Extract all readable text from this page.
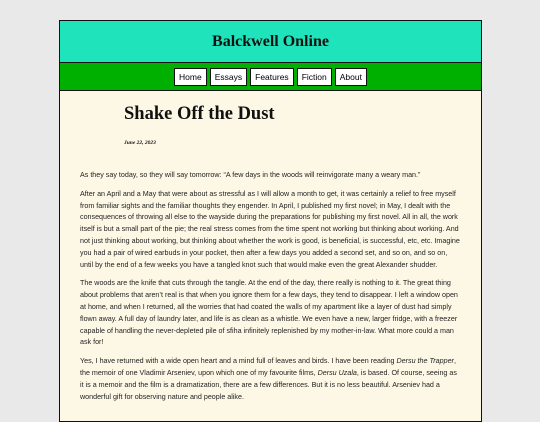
Balckwell Online
Home	Essays	Features	Fiction	About
Shake Off the Dust
June 22, 2023

As they say today, so they will say tomorrow: “A few days in the woods will reinvigorate many a weary man.”

After an April and a May that were about as stressful as I will allow a month to get, it was certainly a relief to free myself from familiar sights and the familiar thoughts they engender. In April, I published my first novel; in May, I dealt with the consequences of throwing all else to the wayside during the preparations for publishing my first novel. All in all, the work itself is but a small part of the pie; the real stress comes from the time spent not working but thinking about working. And not just thinking about working, but thinking about whether the work is good, is beneficial, is successful, etc, etc. Imagine you had a pair of wired earbuds in your pocket, then after a few days you added a second set, and so on, and so on, until by the end of a few weeks you have a tangled knot such that would make even the great Alexander shudder.

The woods are the knife that cuts through the tangle. At the end of the day, there really is nothing to it. The great thing about problems that aren’t real is that when you ignore them for a few days, they tend to disappear. I left a window open at home, and when I returned, all the worries that had coated the walls of my apartment like a layer of dust had simply flown away. A full day of laundry later, and life is as clean as a whistle. We even have a new, larger fridge, with a freezer capable of handling the never-depleted pile of sfiha infinitely replenished by my mother-in-law. What more could a man ask for!

Yes, I have returned with a wide open heart and a mind full of leaves and birds. I have been reading Dersu the Trapper, the memoir of one Vladimir Arseniev, upon which one of my favourite films, Dersu Uzala, is based. Of course, seeing as it is a memoir and the film is a dramatization, there are a few differences. But it is no less beautiful. Arseniev had a wonderful gift for observing nature and people alike.
